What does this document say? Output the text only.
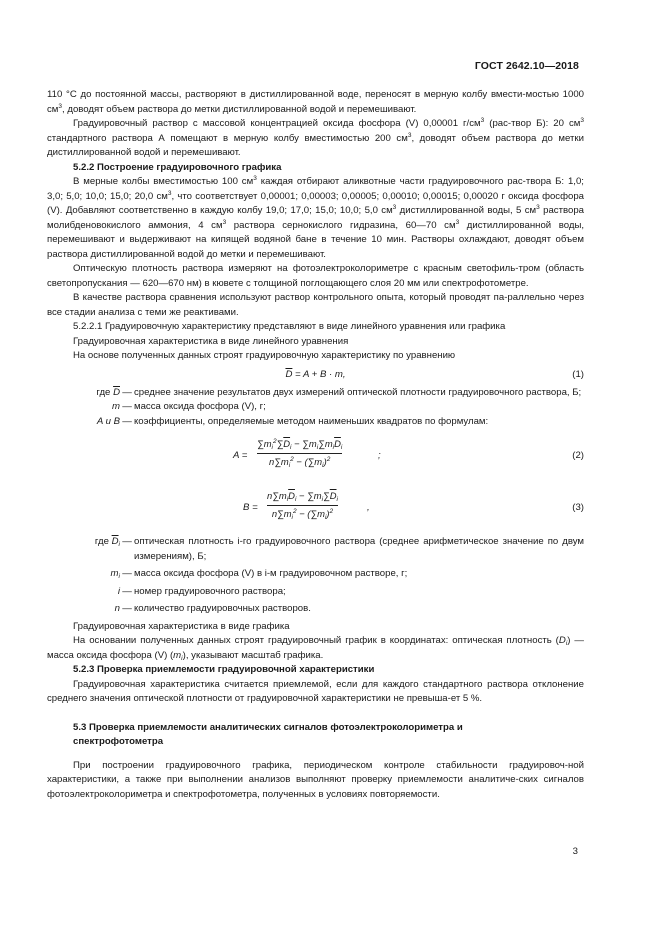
ГОСТ 2642.10—2018

110 °C до постоянной массы, растворяют в дистиллированной воде, переносят в мерную колбу вмести-мостью 1000 $см^3$, доводят объем раствора до метки дистиллированной водой и перемешивают.

Градуировочный раствор с массовой концентрацией оксида фосфора (V) 0,00001 $г/см^3$ (рас-твор Б): 20 $см^3$ стандартного раствора А помещают в мерную колбу вместимостью 200 $см^3$, доводят объем раствора до метки дистиллированной водой и перемешивают.

5.2.2 Построение градуировочного графика

В мерные колбы вместимостью 100 $см^3$ каждая отбирают аликвотные части градуировочного рас-твора Б: 1,0; 3,0; 5,0; 10,0; 15,0; 20,0 $см^3$, что соответствует 0,00001; 0,00003; 0,00005; 0,00010; 0,00015; 0,00020 г оксида фосфора (V). Добавляют соответственно в каждую колбу 19,0; 17,0; 15,0; 10,0; 5,0 $см^3$ дистиллированной воды, 5 $см^3$ раствора молибденовокислого аммония, 4 $см^3$ раствора сернокислого гидразина, 60—70 $см^3$ дистиллированной воды, перемешивают и выдерживают на кипящей водяной бане в течение 10 мин. Растворы охлаждают, доводят объем раствора дистиллированной водой до метки и перемешивают.

Оптическую плотность раствора измеряют на фотоэлектроколориметре с красным светофиль-тром (область светопропускания — 620—670 нм) в кювете с толщиной поглощающего слоя 20 мм или спектрофотометре.

В качестве раствора сравнения используют раствор контрольного опыта, который проводят па-раллельно через все стадии анализа с теми же реактивами.

5.2.2.1 Градуировочную характеристику представляют в виде линейного уравнения или графика

Градуировочная характеристика в виде линейного уравнения

На основе полученных данных строят градуировочную характеристику по уравнению

$\overline{D} = A + B \cdot m$,	(1)
где $\overline{D}$ — среднее значение результатов двух измерений оптической плотности градуировочного раствора, Б;
m — масса оксида фосфора (V), г;
A и B — коэффициенты, определяемые методом наименьших квадратов по формулам:
A =
$\sum m_i^2\sum\overline{D}_i - \sum m_i\sum m_i\overline{D}_i$
$n\sum m_i^2 - (\sum m_i)^2$	;	(2)
B =
$n\sum m_i\overline{D}_i - \sum m_i\sum\overline{D}_i$
$n\sum m_i^2 - (\sum m_i)^2$	,	(3)
где $\overline{D}_i$ — оптическая плотность i-го градуировочного раствора (среднее арифметическое значение по двум измерениям), Б;
$m_i$ — масса оксида фосфора (V) в i-м градуировочном растворе, г;
i — номер градуировочного раствора;
n — количество градуировочных растворов.

Градуировочная характеристика в виде графика

На основании полученных данных строят градуировочный график в координатах: оптическая плотность $(D_i)$ — масса оксида фосфора (V) $(m_i)$, указывают масштаб графика.

5.2.3 Проверка приемлемости градуировочной характеристики

Градуировочная характеристика считается приемлемой, если для каждого стандартного раствора отклонение среднего значения оптической плотности от градуировочной характеристики не превыша-ет 5 %.

5.3 Проверка приемлемости аналитических сигналов фотоэлектроколориметра и
спектрофотометра

При построении градуировочного графика, периодическом контроле стабильности градуировоч-ной характеристики, а также при выполнении анализов выполняют проверку приемлемости аналитиче-ских сигналов фотоэлектроколориметра и спектрофотометра, полученных в условиях повторяемости.

3
